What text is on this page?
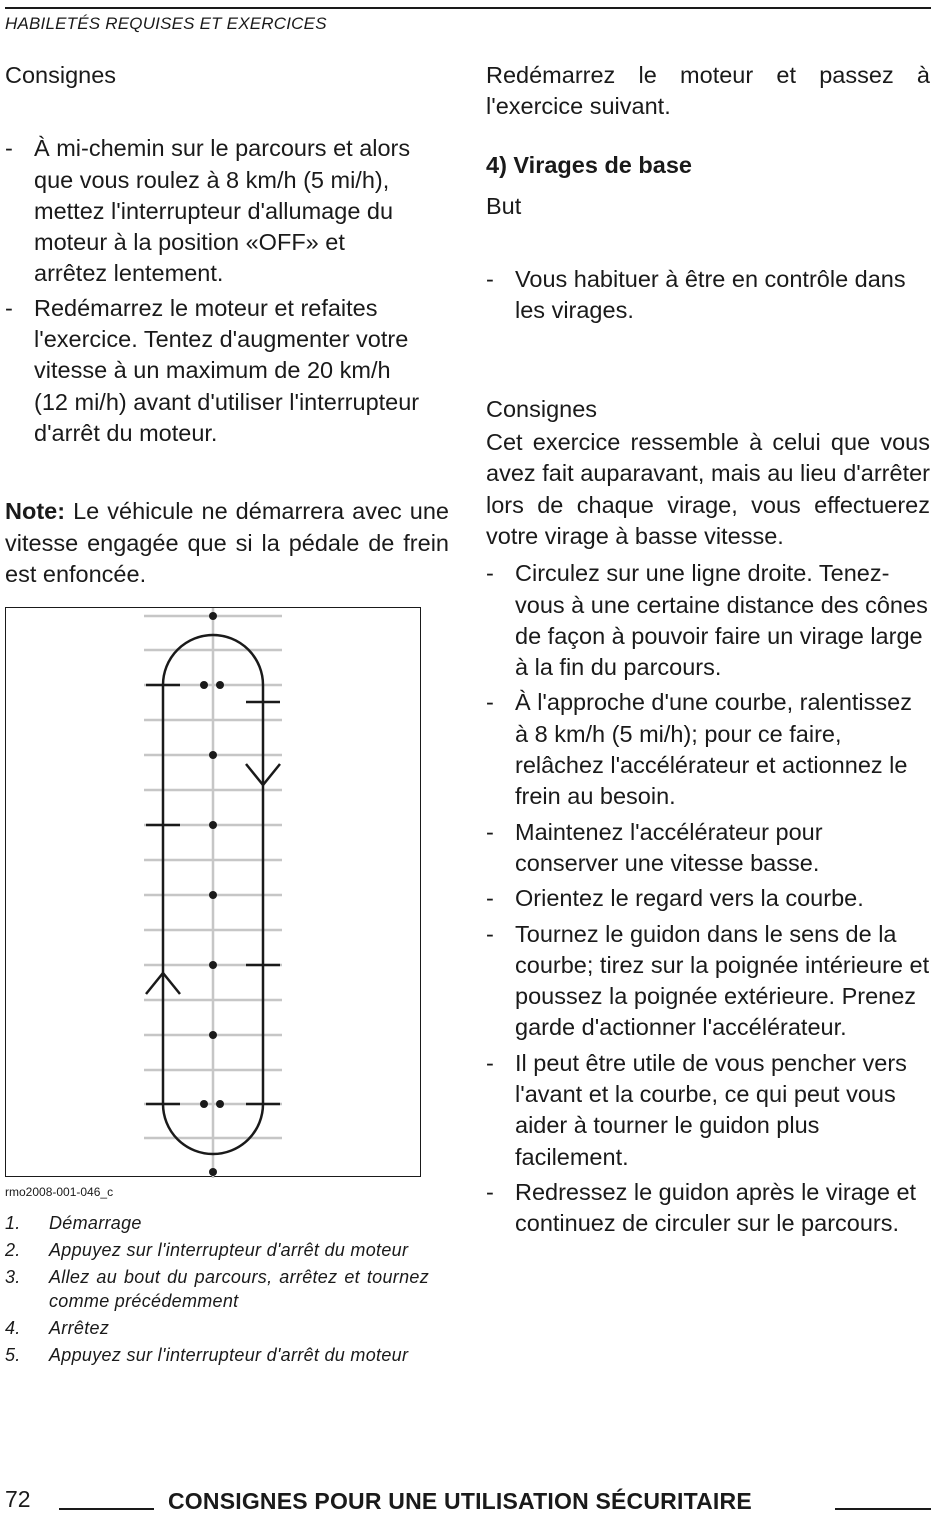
HABILETÉS REQUISES ET EXERCICES

Consignes

- À mi-chemin sur le parcours et alors que vous roulez à 8 km/h (5 mi/h), mettez l'interrupteur d'allumage du moteur à la position «OFF» et arrêtez lentement.
- Redémarrez le moteur et refaites l'exercice. Tentez d'augmenter votre vitesse à un maximum de 20 km/h (12 mi/h) avant d'utiliser l'interrupteur d'arrêt du moteur.

Note: Le véhicule ne démarrera avec une vitesse engagée que si la pédale de frein est enfoncée.

rmo2008-001-046_c
1. Démarrage
2. Appuyez sur l'interrupteur d'arrêt du moteur
3. Allez au bout du parcours, arrêtez et tournez comme précédemment
4. Arrêtez
5. Appuyez sur l'interrupteur d'arrêt du moteur

Redémarrez le moteur et passez à l'exercice suivant.

4) Virages de base

But

- Vous habituer à être en contrôle dans les virages.

Consignes

Cet exercice ressemble à celui que vous avez fait auparavant, mais au lieu d'arrêter lors de chaque virage, vous effectuerez votre virage à basse vitesse.

- Circulez sur une ligne droite. Tenez-vous à une certaine distance des cônes de façon à pouvoir faire un virage large à la fin du parcours.
- À l'approche d'une courbe, ralentissez à 8 km/h (5 mi/h); pour ce faire, relâchez l'accélérateur et actionnez le frein au besoin.
- Maintenez l'accélérateur pour conserver une vitesse basse.
- Orientez le regard vers la courbe.
- Tournez le guidon dans le sens de la courbe; tirez sur la poignée intérieure et poussez la poignée extérieure. Prenez garde d'actionner l'accélérateur.
- Il peut être utile de vous pencher vers l'avant et la courbe, ce qui peut vous aider à tourner le guidon plus facilement.
- Redressez le guidon après le virage et continuez de circuler sur le parcours.
72	CONSIGNES POUR UNE UTILISATION SÉCURITAIRE
